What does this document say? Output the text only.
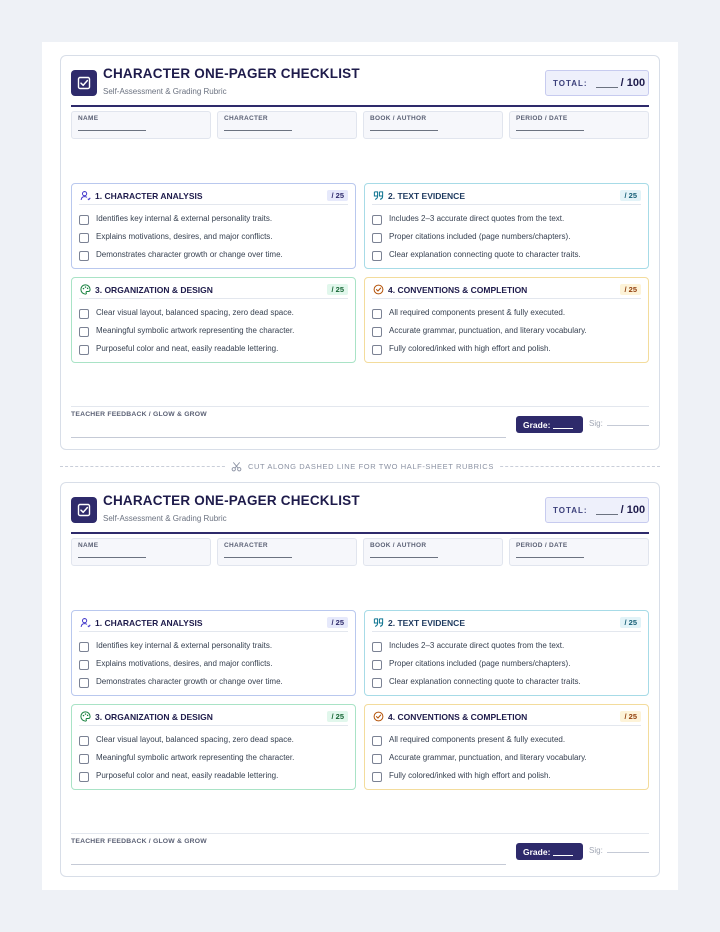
CHARACTER ONE-PAGER CHECKLIST
Self-Assessment & Grading Rubric
TOTAL:	/ 100
NAME	CHARACTER	BOOK / AUTHOR	PERIOD / DATE
1. CHARACTER ANALYSIS	/ 25
Identifies key internal & external personality traits.
Explains motivations, desires, and major conflicts.
Demonstrates character growth or change over time.
2. TEXT EVIDENCE	/ 25
Includes 2–3 accurate direct quotes from the text.
Proper citations included (page numbers/chapters).
Clear explanation connecting quote to character traits.
3. ORGANIZATION & DESIGN	/ 25
Clear visual layout, balanced spacing, zero dead space.
Meaningful symbolic artwork representing the character.
Purposeful color and neat, easily readable lettering.
4. CONVENTIONS & COMPLETION	/ 25
All required components present & fully executed.
Accurate grammar, punctuation, and literary vocabulary.
Fully colored/inked with high effort and polish.
TEACHER FEEDBACK / GLOW & GROW
Grade:	Sig:
CUT ALONG DASHED LINE FOR TWO HALF-SHEET RUBRICS
CHARACTER ONE-PAGER CHECKLIST
Self-Assessment & Grading Rubric
TOTAL:	/ 100
NAME	CHARACTER	BOOK / AUTHOR	PERIOD / DATE
1. CHARACTER ANALYSIS	/ 25
Identifies key internal & external personality traits.
Explains motivations, desires, and major conflicts.
Demonstrates character growth or change over time.
2. TEXT EVIDENCE	/ 25
Includes 2–3 accurate direct quotes from the text.
Proper citations included (page numbers/chapters).
Clear explanation connecting quote to character traits.
3. ORGANIZATION & DESIGN	/ 25
Clear visual layout, balanced spacing, zero dead space.
Meaningful symbolic artwork representing the character.
Purposeful color and neat, easily readable lettering.
4. CONVENTIONS & COMPLETION	/ 25
All required components present & fully executed.
Accurate grammar, punctuation, and literary vocabulary.
Fully colored/inked with high effort and polish.
TEACHER FEEDBACK / GLOW & GROW
Grade:	Sig:
